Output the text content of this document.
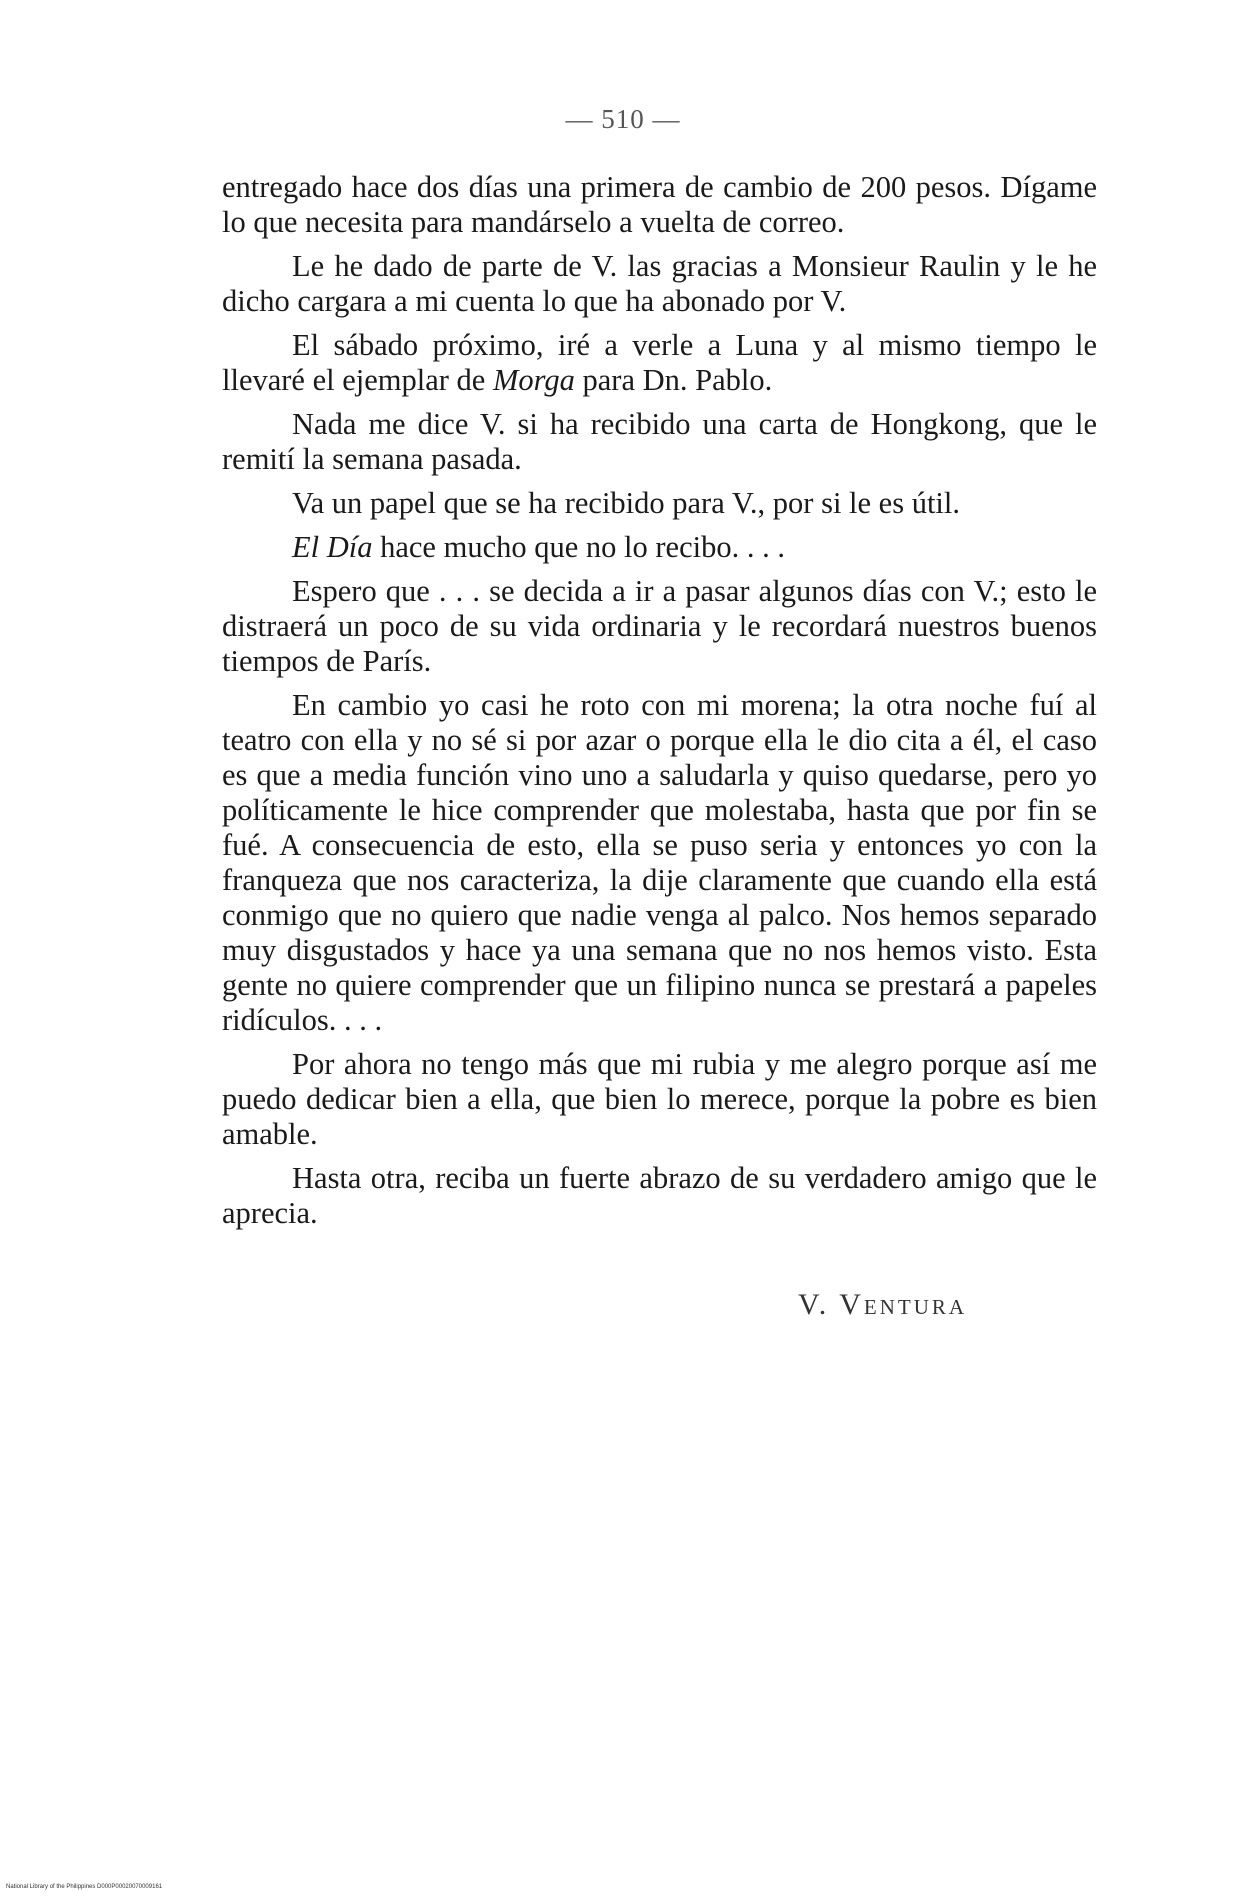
— 510 —

entregado hace dos días una primera de cambio de 200 pesos. Dígame lo que necesita para mandárselo a vuelta de correo.

Le he dado de parte de V. las gracias a Monsieur Raulin y le he dicho cargara a mi cuenta lo que ha abonado por V.

El sábado próximo, iré a verle a Luna y al mismo tiempo le llevaré el ejemplar de Morga para Dn. Pablo.

Nada me dice V. si ha recibido una carta de Hongkong, que le remití la semana pasada.

Va un papel que se ha recibido para V., por si le es útil.

El Día hace mucho que no lo recibo. . . .

Espero que . . . se decida a ir a pasar algunos días con V.; esto le distraerá un poco de su vida ordinaria y le recordará nuestros buenos tiempos de París.

En cambio yo casi he roto con mi morena; la otra noche fuí al teatro con ella y no sé si por azar o porque ella le dio cita a él, el caso es que a media función vino uno a saludarla y quiso quedarse, pero yo políticamente le hice comprender que molestaba, hasta que por fin se fué. A consecuencia de esto, ella se puso seria y entonces yo con la franqueza que nos caracteriza, la dije claramente que cuando ella está conmigo que no quiero que nadie venga al palco. Nos hemos separado muy disgustados y hace ya una semana que no nos hemos visto. Esta gente no quiere comprender que un filipino nunca se prestará a papeles ridículos. . . .

Por ahora no tengo más que mi rubia y me alegro porque así me puedo dedicar bien a ella, que bien lo merece, porque la pobre es bien amable.

Hasta otra, reciba un fuerte abrazo de su verdadero amigo que le aprecia.

V. Ventura
National Library of the Philippines D000P00020070009161
